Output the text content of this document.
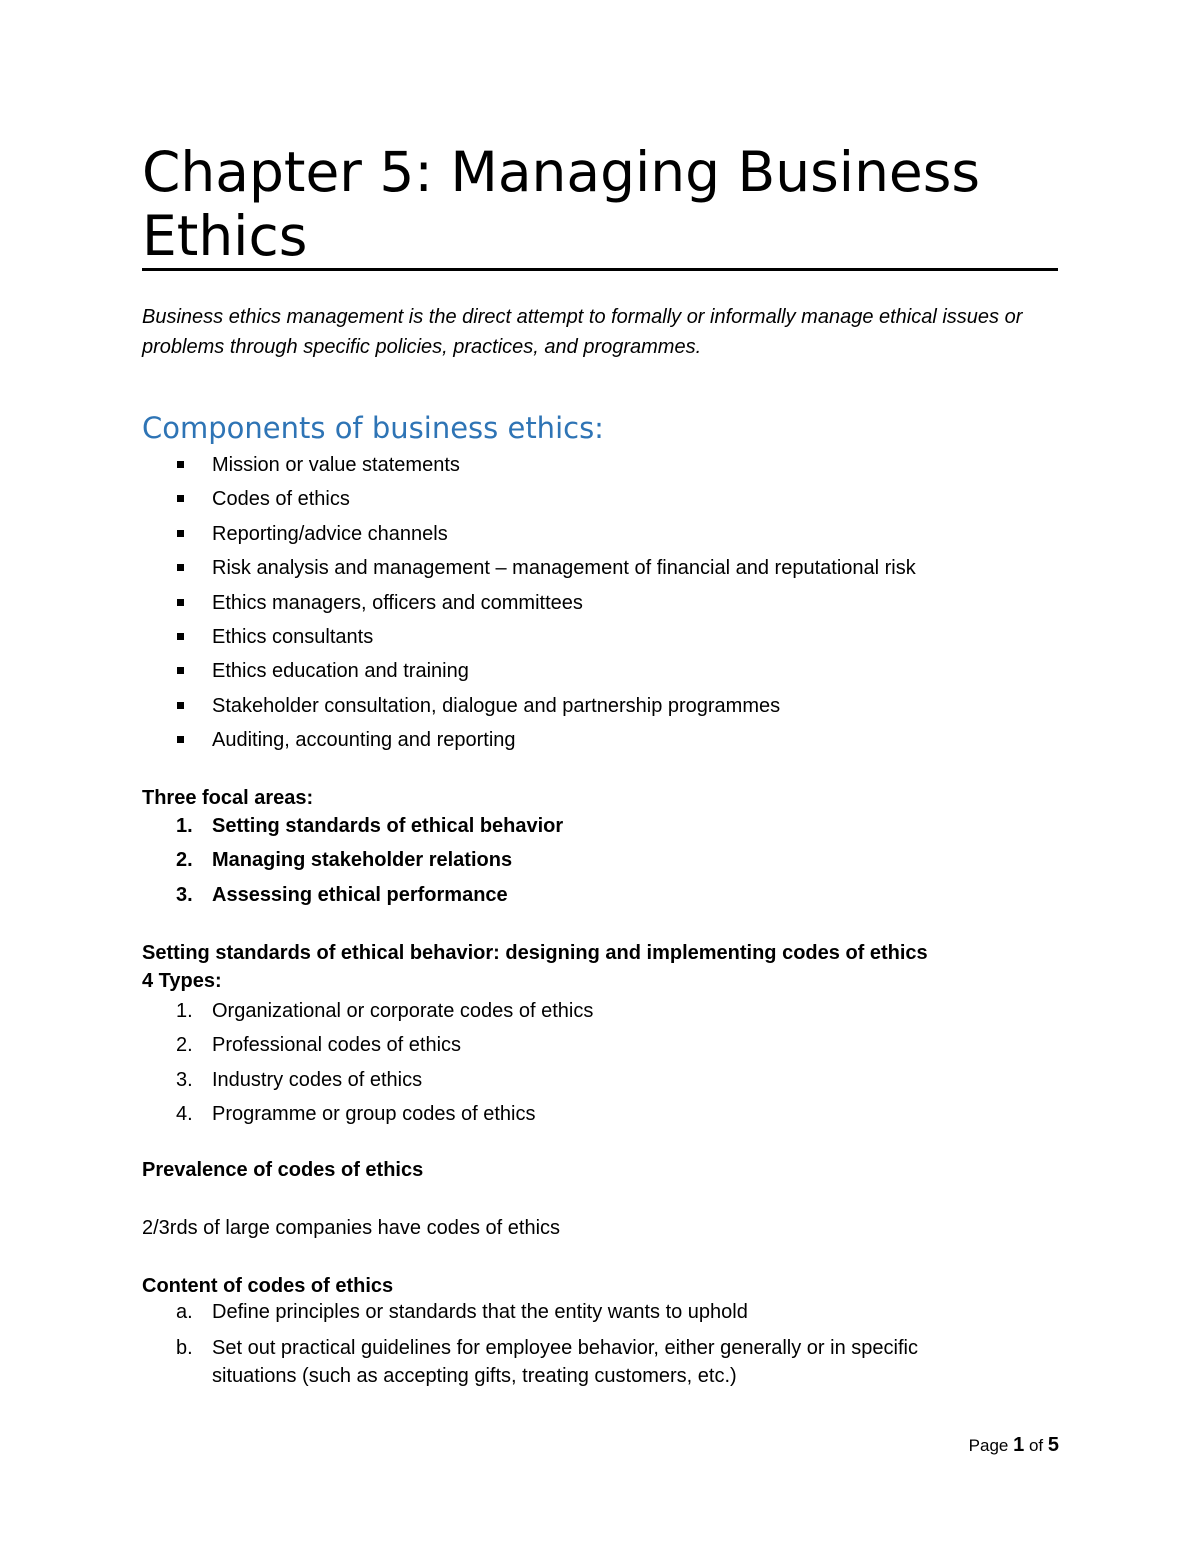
Chapter 5: Managing Business Ethics

Business ethics management is the direct attempt to formally or informally manage ethical issues or problems through specific policies, practices, and programmes.

Components of business ethics:
Mission or value statements
Codes of ethics
Reporting/advice channels
Risk analysis and management – management of financial and reputational risk
Ethics managers, officers and committees
Ethics consultants
Ethics education and training
Stakeholder consultation, dialogue and partnership programmes
Auditing, accounting and reporting

Three focal areas:

1. Setting standards of ethical behavior
2. Managing stakeholder relations
3. Assessing ethical performance

Setting standards of ethical behavior: designing and implementing codes of ethics

4 Types:

1. Organizational or corporate codes of ethics
2. Professional codes of ethics
3. Industry codes of ethics
4. Programme or group codes of ethics

Prevalence of codes of ethics

2/3rds of large companies have codes of ethics

Content of codes of ethics

a. Define principles or standards that the entity wants to uphold
b. Set out practical guidelines for employee behavior, either generally or in specific situations (such as accepting gifts, treating customers, etc.)
Page 1 of 5
